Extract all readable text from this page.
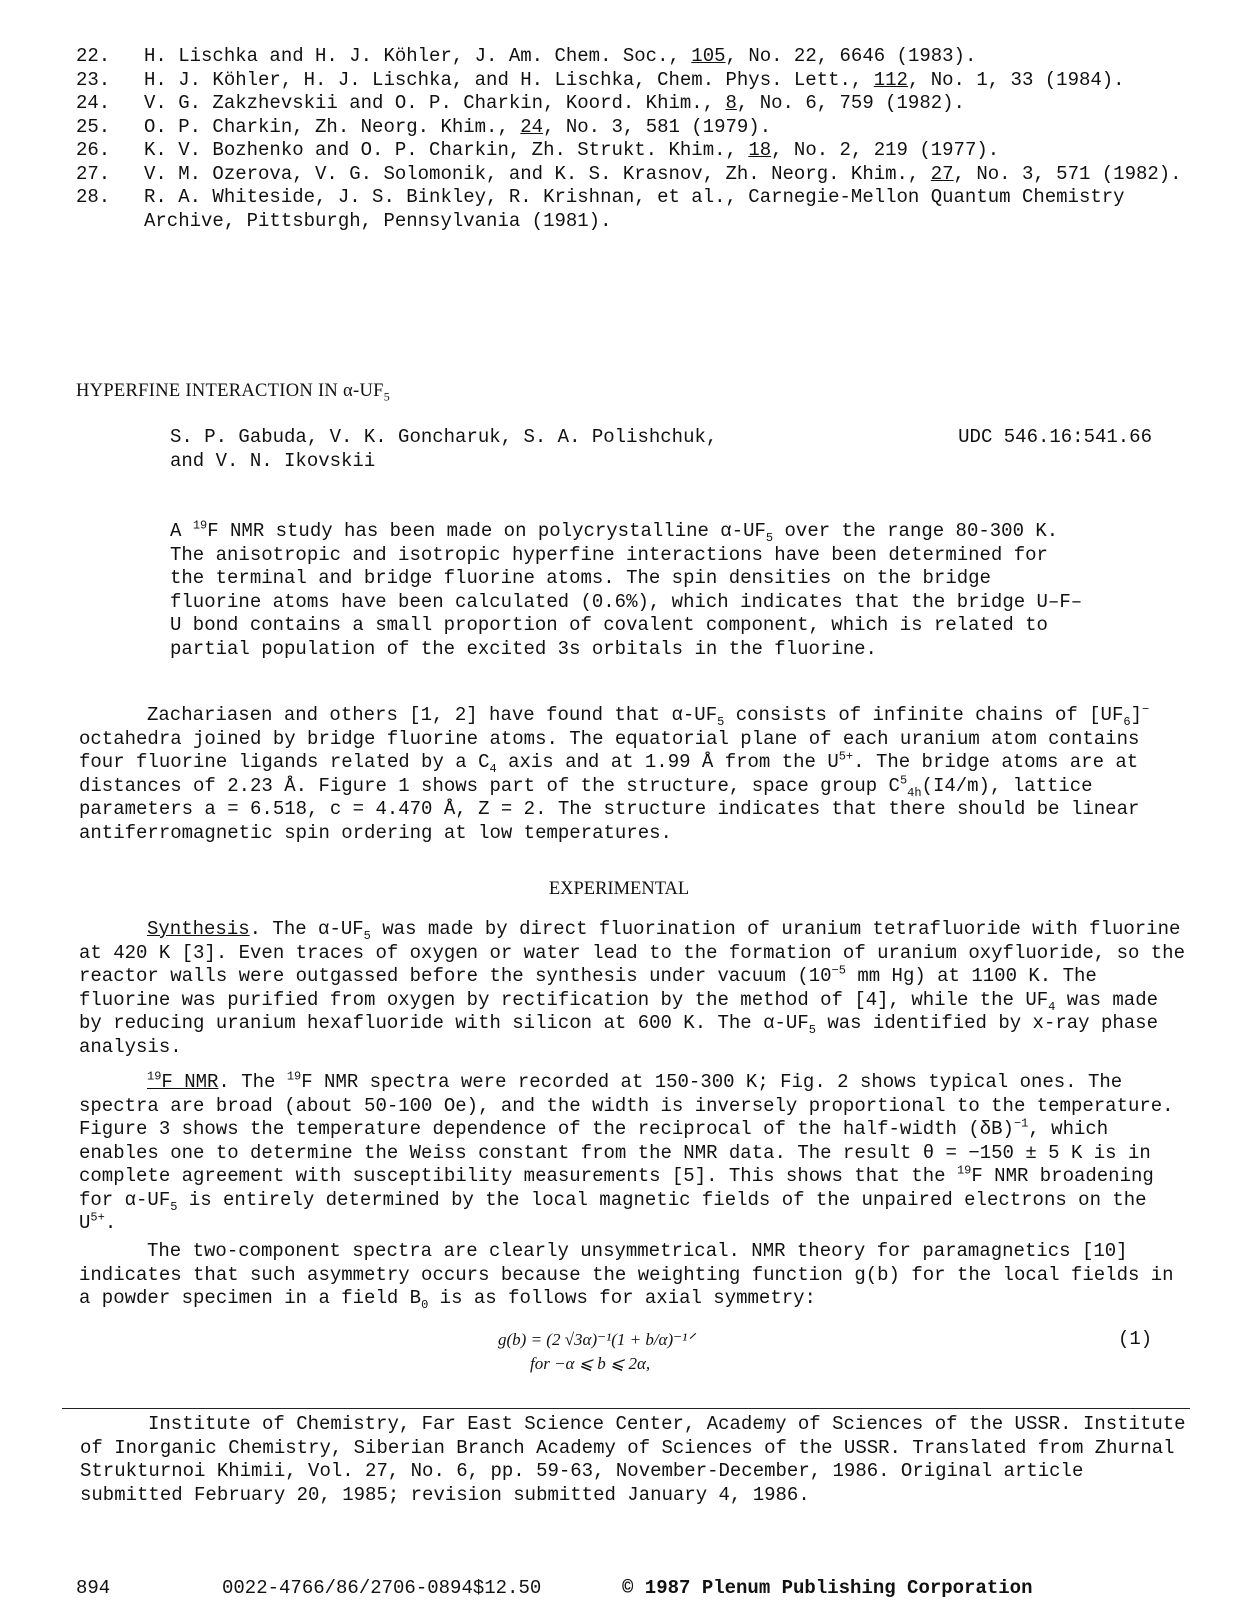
22.	H. Lischka and H. J. Köhler, J. Am. Chem. Soc., 105, No. 22, 6646 (1983).
23.	H. J. Köhler, H. J. Lischka, and H. Lischka, Chem. Phys. Lett., 112, No. 1, 33 (1984).
24.	V. G. Zakzhevskii and O. P. Charkin, Koord. Khim., 8, No. 6, 759 (1982).
25.	O. P. Charkin, Zh. Neorg. Khim., 24, No. 3, 581 (1979).
26.	K. V. Bozhenko and O. P. Charkin, Zh. Strukt. Khim., 18, No. 2, 219 (1977).
27.	V. M. Ozerova, V. G. Solomonik, and K. S. Krasnov, Zh. Neorg. Khim., 27, No. 3, 571 (1982).
28.	R. A. Whiteside, J. S. Binkley, R. Krishnan, et al., Carnegie-Mellon Quantum Chemistry Archive, Pittsburgh, Pennsylvania (1981).
HYPERFINE INTERACTION IN $\alpha-UF_5$
S. P. Gabuda, V. K. Goncharuk, S. A. Polishchuk,
and V. N. Ikovskii
UDC 546.16:541.66
A $^{19}$F NMR study has been made on polycrystalline $\alpha-UF_5$ over the range 80-300 K. The anisotropic and isotropic hyperfine interactions have been determined for the terminal and bridge fluorine atoms. The spin densities on the bridge fluorine atoms have been calculated (0.6%), which indicates that the bridge U–F–U bond contains a small proportion of covalent component, which is related to partial population of the excited 3s orbitals in the fluorine.
Zachariasen and others [1, 2] have found that $\alpha-UF_5$ consists of infinite chains of $[UF_6]^-$ octahedra joined by bridge fluorine atoms. The equatorial plane of each uranium atom contains four fluorine ligands related by a $C_4$ axis and at 1.99 Å from the $U^{5+}$. The bridge atoms are at distances of 2.23 Å. Figure 1 shows part of the structure, space group $C^5_{4h}(I4/m)$, lattice parameters a = 6.518, c = 4.470 Å, Z = 2. The structure indicates that there should be linear antiferromagnetic spin ordering at low temperatures.
EXPERIMENTAL
Synthesis. The $\alpha-UF_5$ was made by direct fluorination of uranium tetrafluoride with fluorine at 420 K [3]. Even traces of oxygen or water lead to the formation of uranium oxyfluoride, so the reactor walls were outgassed before the synthesis under vacuum ($10^{-5}$ mm Hg) at 1100 K. The fluorine was purified from oxygen by rectification by the method of [4], while the $UF_4$ was made by reducing uranium hexafluoride with silicon at 600 K. The $\alpha-UF_5$ was identified by x-ray phase analysis.
$^{19}$F NMR. The $^{19}$F NMR spectra were recorded at 150-300 K; Fig. 2 shows typical ones. The spectra are broad (about 50-100 Oe), and the width is inversely proportional to the temperature. Figure 3 shows the temperature dependence of the reciprocal of the half-width $(\delta B)^{-1}$, which enables one to determine the Weiss constant from the NMR data. The result θ = −150 ± 5 K is in complete agreement with susceptibility measurements [5]. This shows that the $^{19}$F NMR broadening for $\alpha-UF_5$ is entirely determined by the local magnetic fields of the unpaired electrons on the $U^{5+}$.
The two-component spectra are clearly unsymmetrical. NMR theory for paramagnetics [10] indicates that such asymmetry occurs because the weighting function g(b) for the local fields in a powder specimen in a field $B_0$ is as follows for axial symmetry:
g(b) = (2 √3α)⁻¹(1 + b/α)⁻¹ᐟ
for −α ⩽ b ⩽ 2α,
(1)
Institute of Chemistry, Far East Science Center, Academy of Sciences of the USSR. Institute of Inorganic Chemistry, Siberian Branch Academy of Sciences of the USSR. Translated from Zhurnal Strukturnoi Khimii, Vol. 27, No. 6, pp. 59-63, November-December, 1986. Original article submitted February 20, 1985; revision submitted January 4, 1986.
894	0022-4766/86/2706-0894$12.50	© 1987 Plenum Publishing Corporation
